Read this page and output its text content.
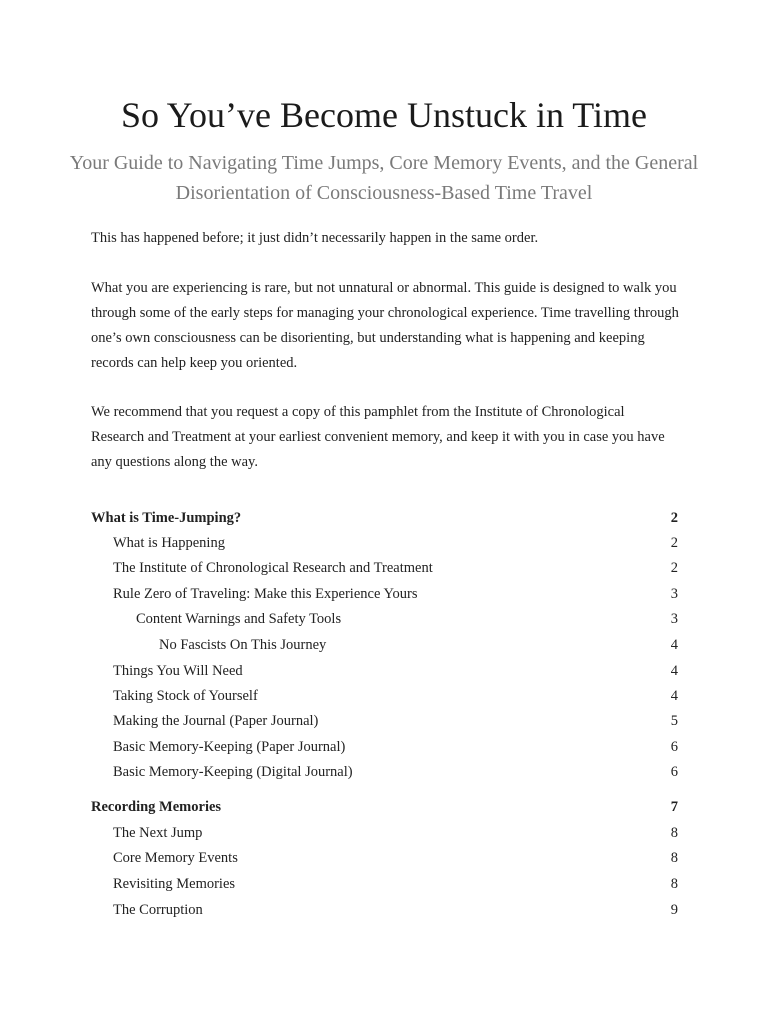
So You’ve Become Unstuck in Time
Your Guide to Navigating Time Jumps, Core Memory Events, and the General Disorientation of Consciousness-Based Time Travel
This has happened before; it just didn’t necessarily happen in the same order.
What you are experiencing is rare, but not unnatural or abnormal. This guide is designed to walk you through some of the early steps for managing your chronological experience. Time travelling through one’s own consciousness can be disorienting, but understanding what is happening and keeping records can help keep you oriented.
We recommend that you request a copy of this pamphlet from the Institute of Chronological Research and Treatment at your earliest convenient memory, and keep it with you in case you have any questions along the way.
What is Time-Jumping?	2
What is Happening	2
The Institute of Chronological Research and Treatment	2
Rule Zero of Traveling: Make this Experience Yours	3
Content Warnings and Safety Tools	3
No Fascists On This Journey	4
Things You Will Need	4
Taking Stock of Yourself	4
Making the Journal (Paper Journal)	5
Basic Memory-Keeping (Paper Journal)	6
Basic Memory-Keeping (Digital Journal)	6
Recording Memories	7
The Next Jump	8
Core Memory Events	8
Revisiting Memories	8
The Corruption	9
